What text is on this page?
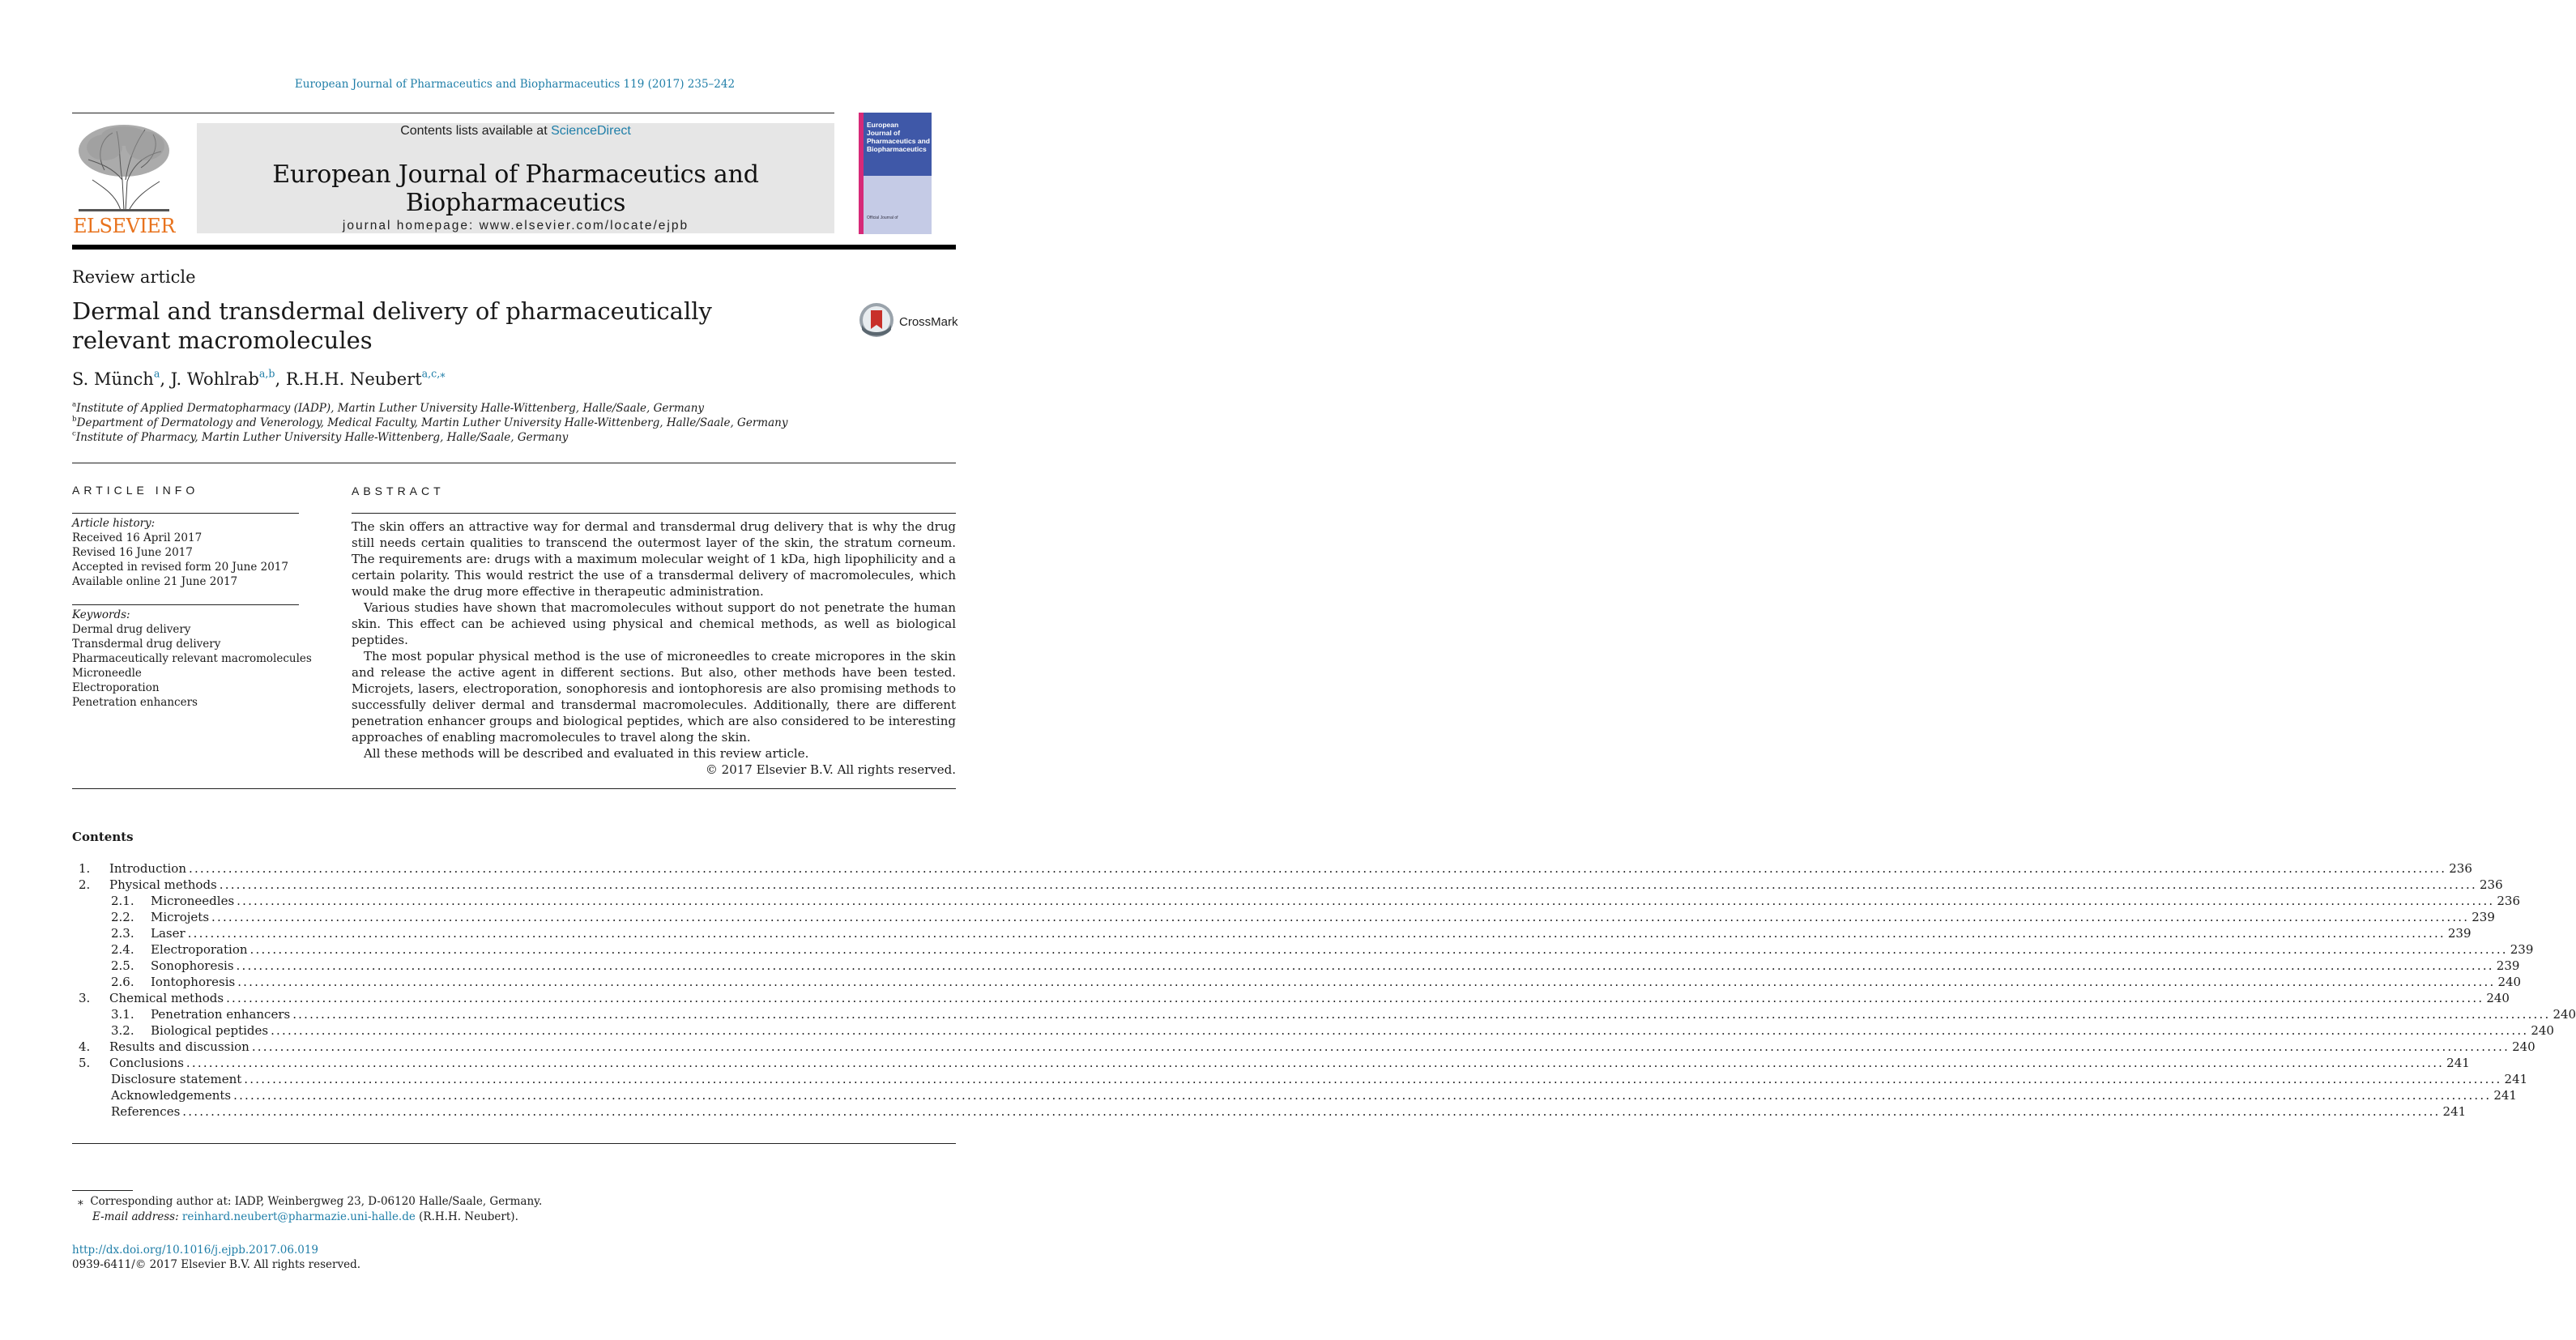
European Journal of Pharmaceutics and Biopharmaceutics 119 (2017) 235–242
ELSEVIER
Contents lists available at ScienceDirect
European Journal of Pharmaceutics and Biopharmaceutics
journal homepage: www.elsevier.com/locate/ejpb
European
Journal of
Pharmaceutics and
Biopharmaceutics
Official Journal of
Review article
Dermal and transdermal delivery of pharmaceutically relevant macromolecules
CrossMark
S. Münch$^a$, J. Wohlrab$^{a,b}$, R.H.H. Neubert$^{a,c,⁎}$
$^a$Institute of Applied Dermatopharmacy (IADP), Martin Luther University Halle-Wittenberg, Halle/Saale, Germany
$^b$Department of Dermatology and Venerology, Medical Faculty, Martin Luther University Halle-Wittenberg, Halle/Saale, Germany
$^c$Institute of Pharmacy, Martin Luther University Halle-Wittenberg, Halle/Saale, Germany
ARTICLE INFO
Article history:
Received 16 April 2017
Revised 16 June 2017
Accepted in revised form 20 June 2017
Available online 21 June 2017
Keywords:
Dermal drug delivery
Transdermal drug delivery
Pharmaceutically relevant macromolecules
Microneedle
Electroporation
Penetration enhancers
ABSTRACT

The skin offers an attractive way for dermal and transdermal drug delivery that is why the drug still needs certain qualities to transcend the outermost layer of the skin, the stratum corneum. The requirements are: drugs with a maximum molecular weight of 1 kDa, high lipophilicity and a certain polarity. This would restrict the use of a transdermal delivery of macromolecules, which would make the drug more effective in therapeutic administration.

Various studies have shown that macromolecules without support do not penetrate the human skin. This effect can be achieved using physical and chemical methods, as well as biological peptides.

The most popular physical method is the use of microneedles to create micropores in the skin and release the active agent in different sections. But also, other methods have been tested. Microjets, lasers, electroporation, sonophoresis and iontophoresis are also promising methods to successfully deliver dermal and transdermal macromolecules. Additionally, there are different penetration enhancer groups and biological peptides, which are also considered to be interesting approaches of enabling macromolecules to travel along the skin.

All these methods will be described and evaluated in this review article.

© 2017 Elsevier B.V. All rights reserved.

Contents
1.	Introduction ................................................................................................................................................................................................................................................................................................................................................................................................................ 236
2.	Physical methods ................................................................................................................................................................................................................................................................................................................................................................................................................ 236
2.1.	Microneedles ................................................................................................................................................................................................................................................................................................................................................................................................................ 236
2.2.	Microjets ................................................................................................................................................................................................................................................................................................................................................................................................................ 239
2.3.	Laser ................................................................................................................................................................................................................................................................................................................................................................................................................ 239
2.4.	Electroporation ................................................................................................................................................................................................................................................................................................................................................................................................................ 239
2.5.	Sonophoresis ................................................................................................................................................................................................................................................................................................................................................................................................................ 239
2.6.	Iontophoresis ................................................................................................................................................................................................................................................................................................................................................................................................................ 240
3.	Chemical methods ................................................................................................................................................................................................................................................................................................................................................................................................................ 240
3.1.	Penetration enhancers ................................................................................................................................................................................................................................................................................................................................................................................................................ 240
3.2.	Biological peptides ................................................................................................................................................................................................................................................................................................................................................................................................................ 240
4.	Results and discussion ................................................................................................................................................................................................................................................................................................................................................................................................................ 240
5.	Conclusions ................................................................................................................................................................................................................................................................................................................................................................................................................ 241
Disclosure statement ................................................................................................................................................................................................................................................................................................................................................................................................................ 241
Acknowledgements ................................................................................................................................................................................................................................................................................................................................................................................................................ 241
References ................................................................................................................................................................................................................................................................................................................................................................................................................ 241
⁎ Corresponding author at: IADP, Weinbergweg 23, D-06120 Halle/Saale, Germany.
E-mail address: reinhard.neubert@pharmazie.uni-halle.de (R.H.H. Neubert).
http://dx.doi.org/10.1016/j.ejpb.2017.06.019
0939-6411/© 2017 Elsevier B.V. All rights reserved.
